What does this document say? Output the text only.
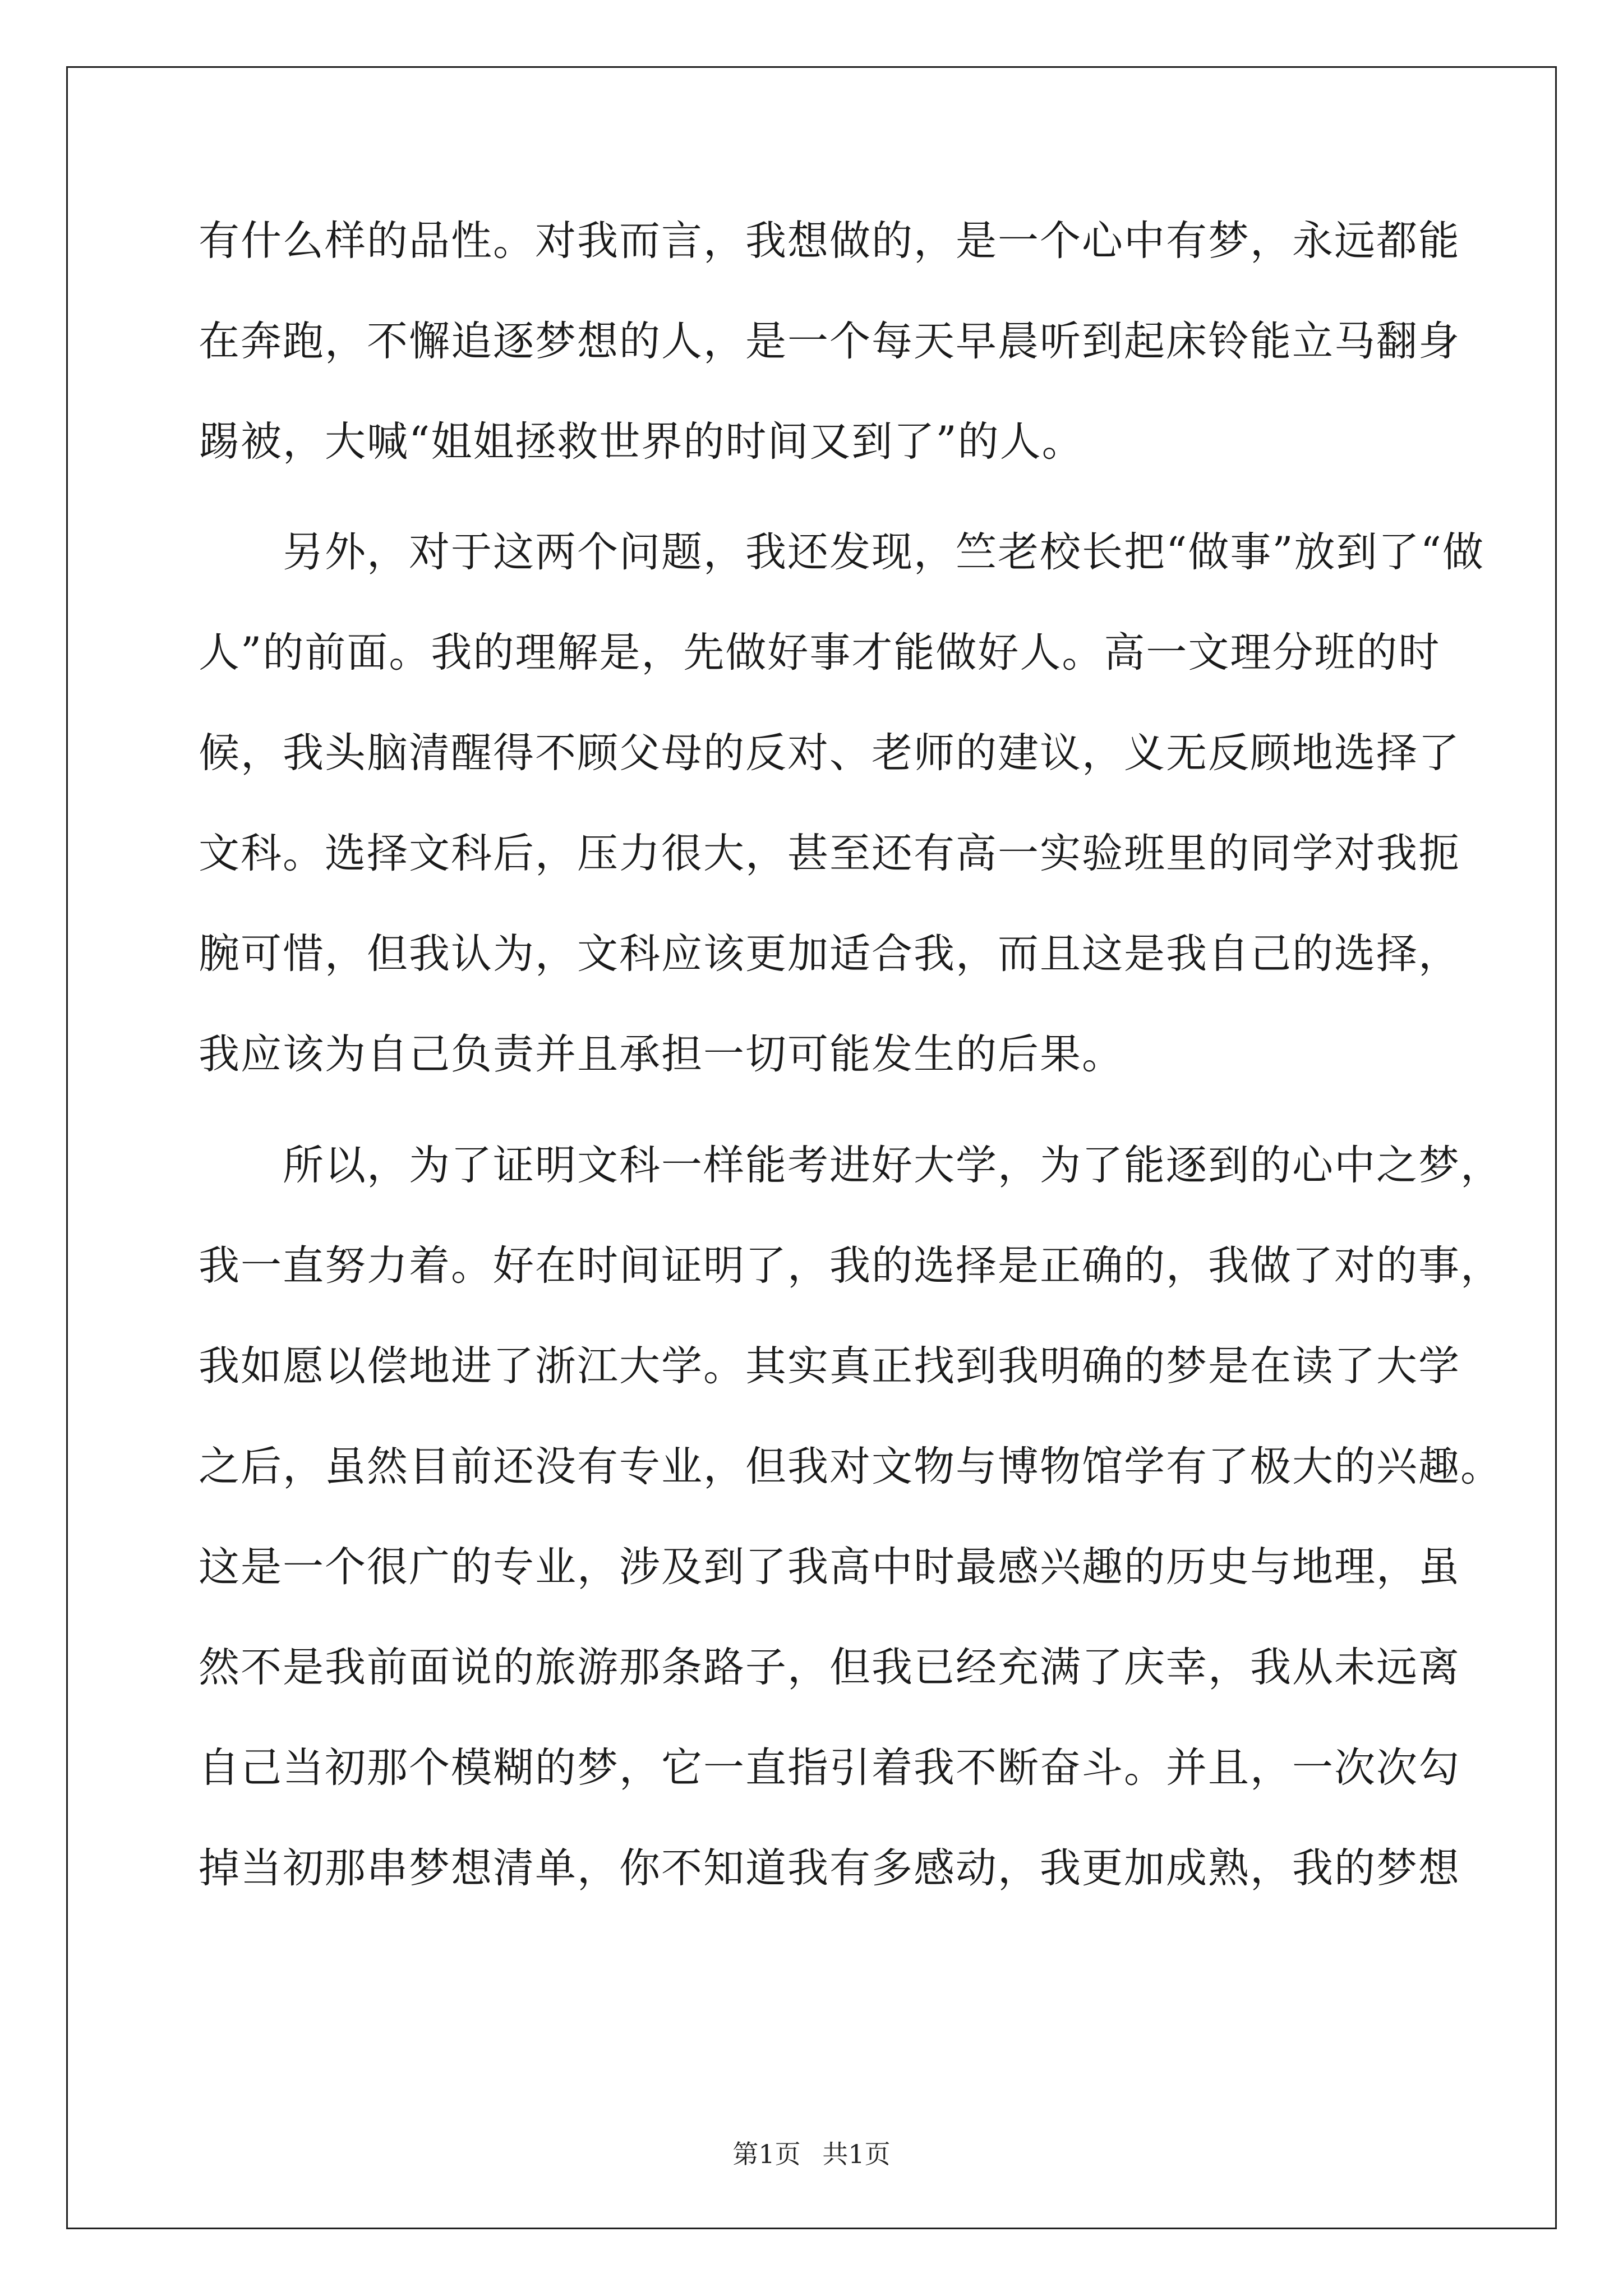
有什么样的品性。对我而言，我想做的，是一个心中有梦，永远都能
在奔跑，不懈追逐梦想的人，是一个每天早晨听到起床铃能立马翻身
踢被，大喊“姐姐拯救世界的时间又到了”的人。
　　另外，对于这两个问题，我还发现，竺老校长把“做事”放到了“做
人”的前面。我的理解是，先做好事才能做好人。高一文理分班的时
候，我头脑清醒得不顾父母的反对、老师的建议，义无反顾地选择了
文科。选择文科后，压力很大，甚至还有高一实验班里的同学对我扼
腕可惜，但我认为，文科应该更加适合我，而且这是我自己的选择，
我应该为自己负责并且承担一切可能发生的后果。
　　所以，为了证明文科一样能考进好大学，为了能逐到的心中之梦，
我一直努力着。好在时间证明了，我的选择是正确的，我做了对的事，
我如愿以偿地进了浙江大学。其实真正找到我明确的梦是在读了大学
之后，虽然目前还没有专业，但我对文物与博物馆学有了极大的兴趣。
这是一个很广的专业，涉及到了我高中时最感兴趣的历史与地理，虽
然不是我前面说的旅游那条路子，但我已经充满了庆幸，我从未远离
自己当初那个模糊的梦，它一直指引着我不断奋斗。并且，一次次勾
掉当初那串梦想清单，你不知道我有多感动，我更加成熟，我的梦想
第1页 共1页
